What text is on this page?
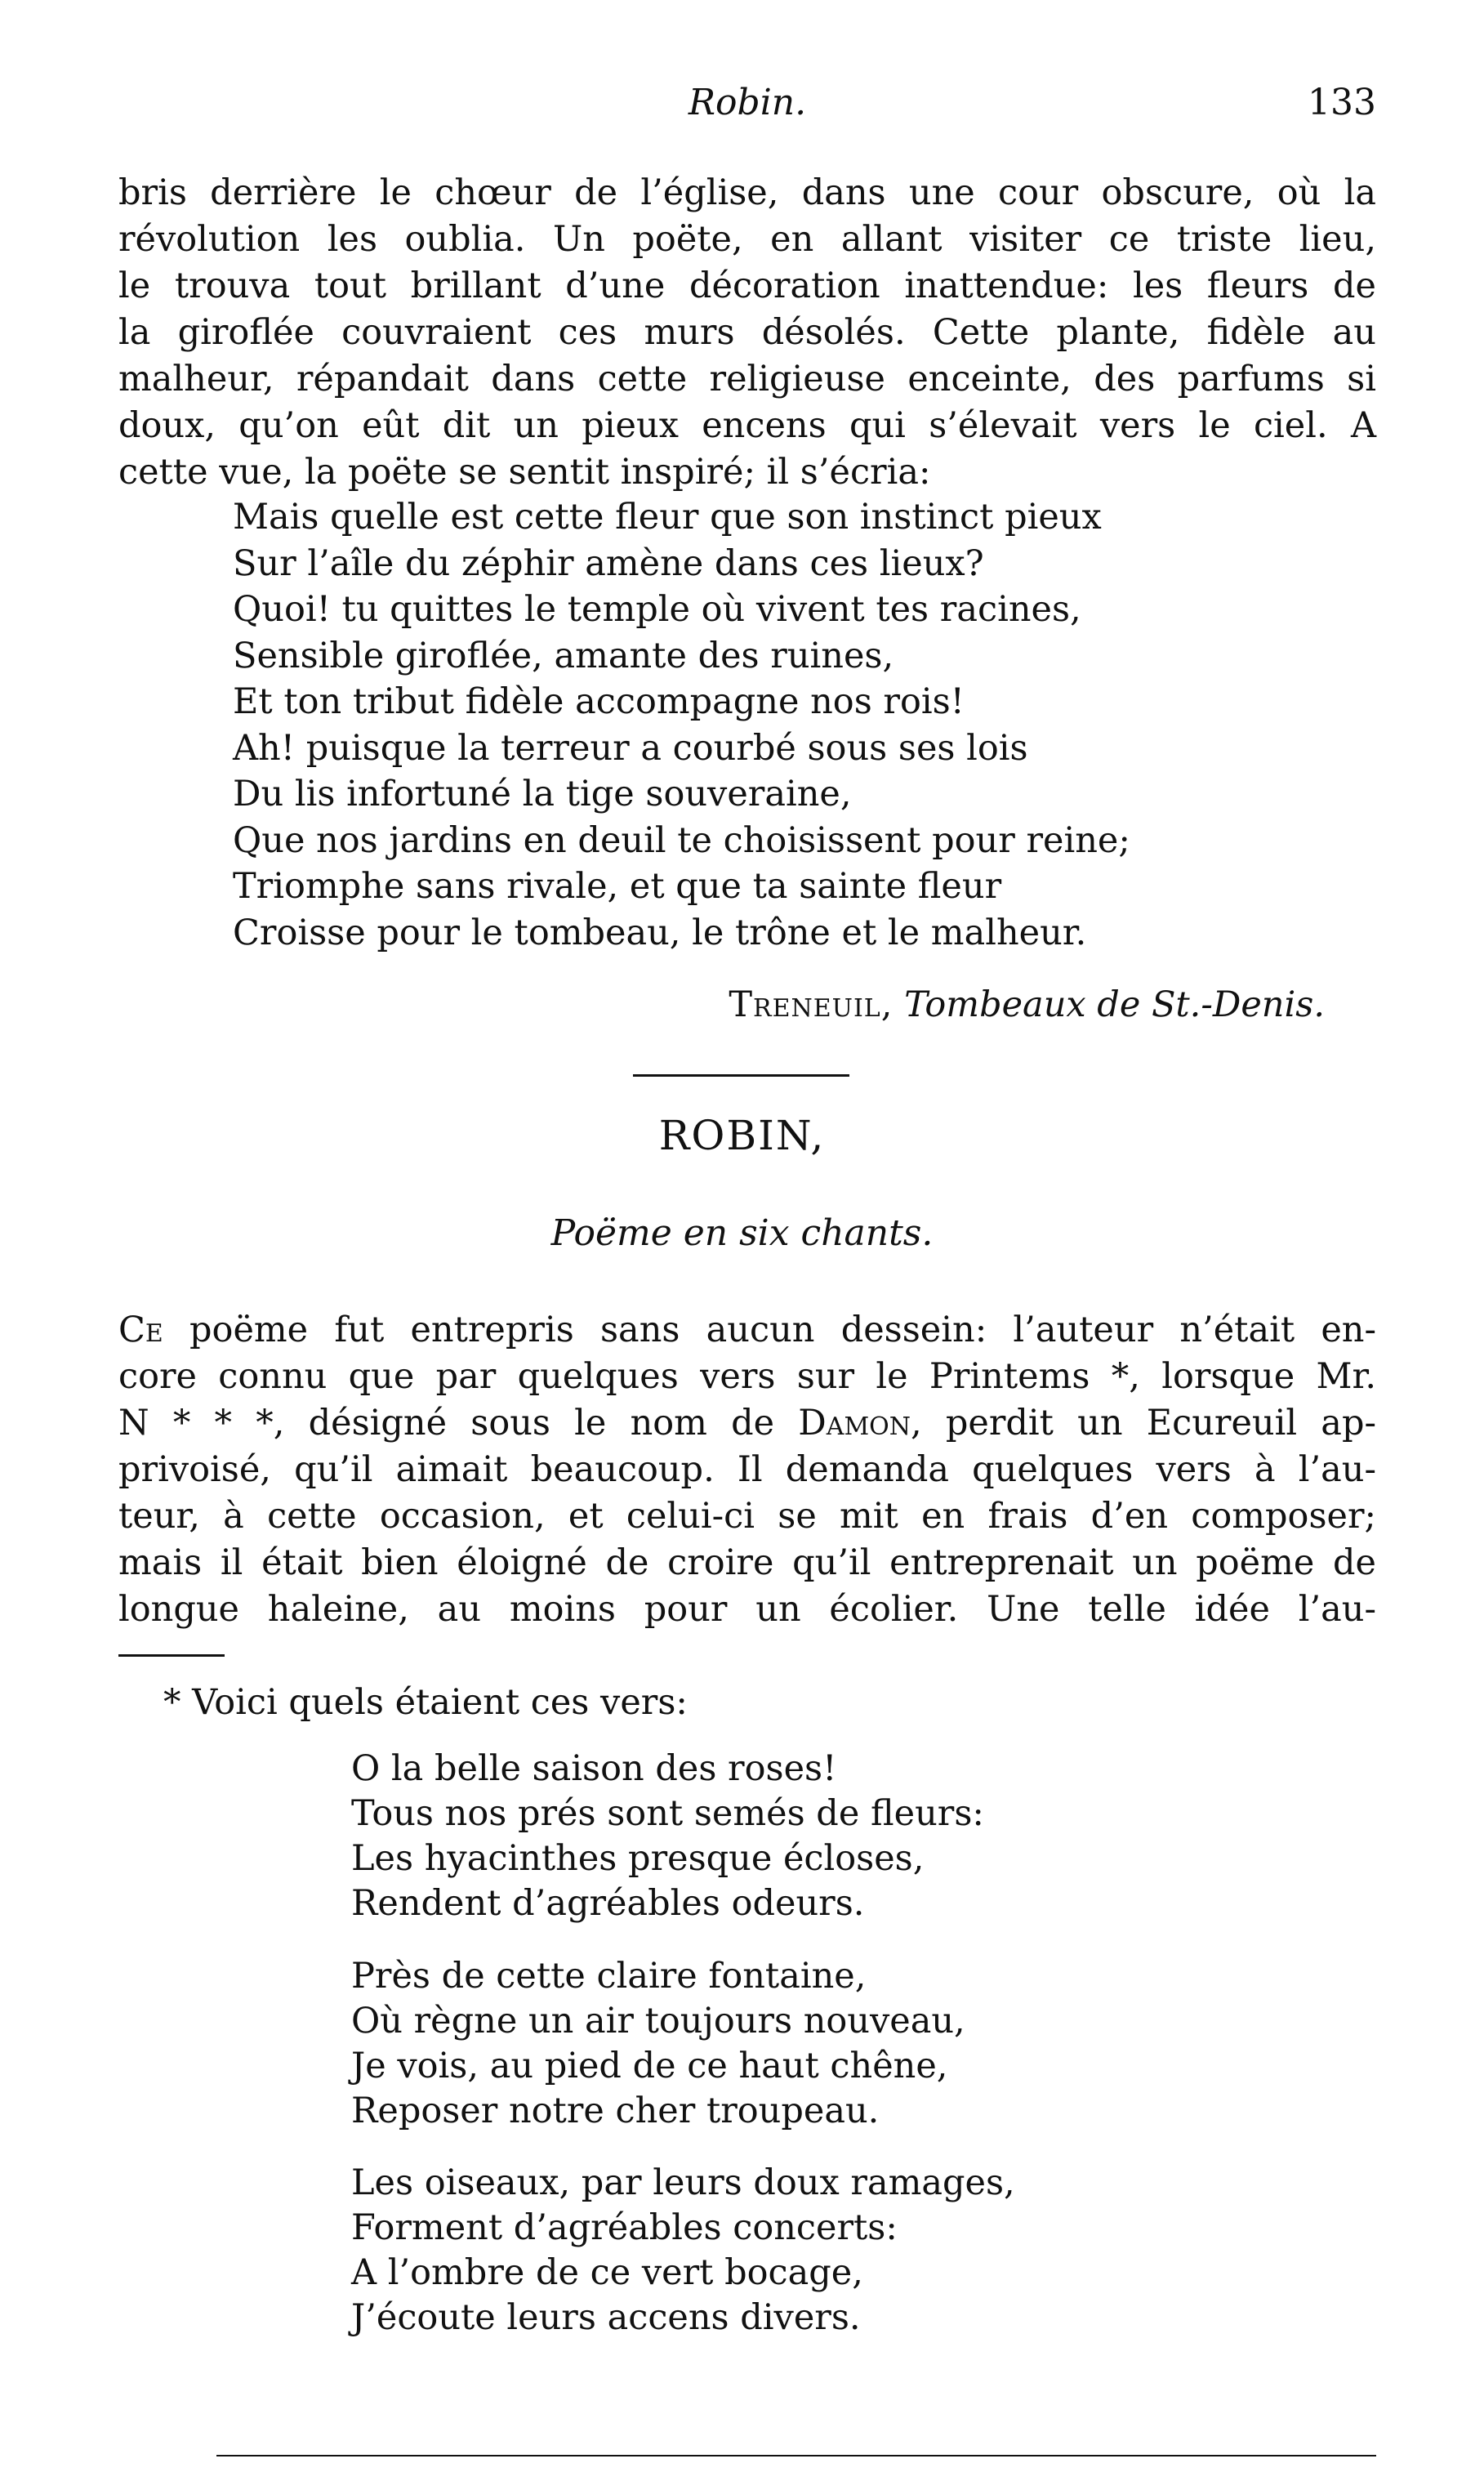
Robin.	133
bris derrière le chœur de l’église, dans une cour obscure, où la
révolution les oublia. Un poëte, en allant visiter ce triste lieu,
le trouva tout brillant d’une décoration inattendue: les fleurs de
la giroflée couvraient ces murs désolés. Cette plante, fidèle au
malheur, répandait dans cette religieuse enceinte, des parfums si
doux, qu’on eût dit un pieux encens qui s’élevait vers le ciel. A
cette vue, la poëte se sentit inspiré; il s’écria:
Mais quelle est cette fleur que son instinct pieux
Sur l’aîle du zéphir amène dans ces lieux?
Quoi! tu quittes le temple où vivent tes racines,
Sensible giroflée, amante des ruines,
Et ton tribut fidèle accompagne nos rois!
Ah! puisque la terreur a courbé sous ses lois
Du lis infortuné la tige souveraine,
Que nos jardins en deuil te choisissent pour reine;
Triomphe sans rivale, et que ta sainte fleur
Croisse pour le tombeau, le trône et le malheur.
Treneuil, Tombeaux de St.-Denis.
ROBIN,
Poëme en six chants.
Ce poëme fut entrepris sans aucun dessein: l’auteur n’était en-
core connu que par quelques vers sur le Printems *, lorsque Mr.
N * * *, désigné sous le nom de Damon, perdit un Ecureuil ap-
privoisé, qu’il aimait beaucoup. Il demanda quelques vers à l’au-
teur, à cette occasion, et celui-ci se mit en frais d’en composer;
mais il était bien éloigné de croire qu’il entreprenait un poëme de
longue haleine, au moins pour un écolier. Une telle idée l’au-
* Voici quels étaient ces vers:
O la belle saison des roses!
Tous nos prés sont semés de fleurs:
Les hyacinthes presque écloses,
Rendent d’agréables odeurs.
Près de cette claire fontaine,
Où règne un air toujours nouveau,
Je vois, au pied de ce haut chêne,
Reposer notre cher troupeau.
Les oiseaux, par leurs doux ramages,
Forment d’agréables concerts:
A l’ombre de ce vert bocage,
J’écoute leurs accens divers.
